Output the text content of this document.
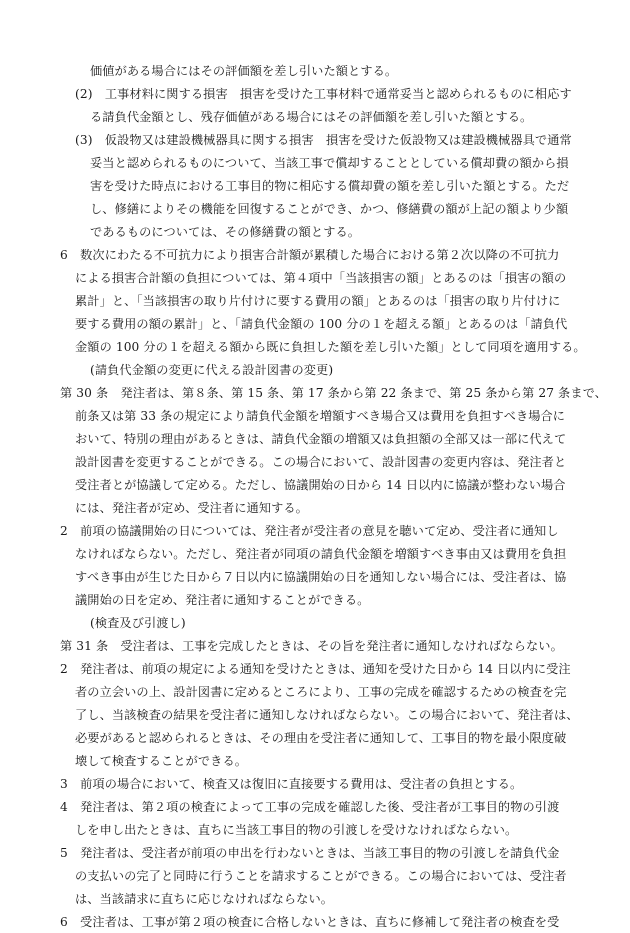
価値がある場合にはその評価額を差し引いた額とする。
(2)　工事材料に関する損害　損害を受けた工事材料で通常妥当と認められるものに相応す
る請負代金額とし、残存価値がある場合にはその評価額を差し引いた額とする。
(3)　仮設物又は建設機械器具に関する損害　損害を受けた仮設物又は建設機械器具で通常
妥当と認められるものについて、当該工事で償却することとしている償却費の額から損
害を受けた時点における工事目的物に相応する償却費の額を差し引いた額とする。ただ
し、修繕によりその機能を回復することができ、かつ、修繕費の額が上記の額より少額
であるものについては、その修繕費の額とする。
6　数次にわたる不可抗力により損害合計額が累積した場合における第２次以降の不可抗力
による損害合計額の負担については、第４項中「当該損害の額」とあるのは「損害の額の
累計」と、「当該損害の取り片付けに要する費用の額」とあるのは「損害の取り片付けに
要する費用の額の累計」と、「請負代金額の 100 分の１を超える額」とあるのは「請負代
金額の 100 分の１を超える額から既に負担した額を差し引いた額」として同項を適用する。
(請負代金額の変更に代える設計図書の変更)
第 30 条　発注者は、第８条、第 15 条、第 17 条から第 22 条まで、第 25 条から第 27 条まで、
前条又は第 33 条の規定により請負代金額を増額すべき場合又は費用を負担すべき場合に
おいて、特別の理由があるときは、請負代金額の増額又は負担額の全部又は一部に代えて
設計図書を変更することができる。この場合において、設計図書の変更内容は、発注者と
受注者とが協議して定める。ただし、協議開始の日から 14 日以内に協議が整わない場合
には、発注者が定め、受注者に通知する。
2　前項の協議開始の日については、発注者が受注者の意見を聴いて定め、受注者に通知し
なければならない。ただし、発注者が同項の請負代金額を増額すべき事由又は費用を負担
すべき事由が生じた日から７日以内に協議開始の日を通知しない場合には、受注者は、協
議開始の日を定め、発注者に通知することができる。
(検査及び引渡し)
第 31 条　受注者は、工事を完成したときは、その旨を発注者に通知しなければならない。
2　発注者は、前項の規定による通知を受けたときは、通知を受けた日から 14 日以内に受注
者の立会いの上、設計図書に定めるところにより、工事の完成を確認するための検査を完
了し、当該検査の結果を受注者に通知しなければならない。この場合において、発注者は、
必要があると認められるときは、その理由を受注者に通知して、工事目的物を最小限度破
壊して検査することができる。
3　前項の場合において、検査又は復旧に直接要する費用は、受注者の負担とする。
4　発注者は、第２項の検査によって工事の完成を確認した後、受注者が工事目的物の引渡
しを申し出たときは、直ちに当該工事目的物の引渡しを受けなければならない。
5　発注者は、受注者が前項の申出を行わないときは、当該工事目的物の引渡しを請負代金
の支払いの完了と同時に行うことを請求することができる。この場合においては、受注者
は、当該請求に直ちに応じなければならない。
6　受注者は、工事が第２項の検査に合格しないときは、直ちに修補して発注者の検査を受
